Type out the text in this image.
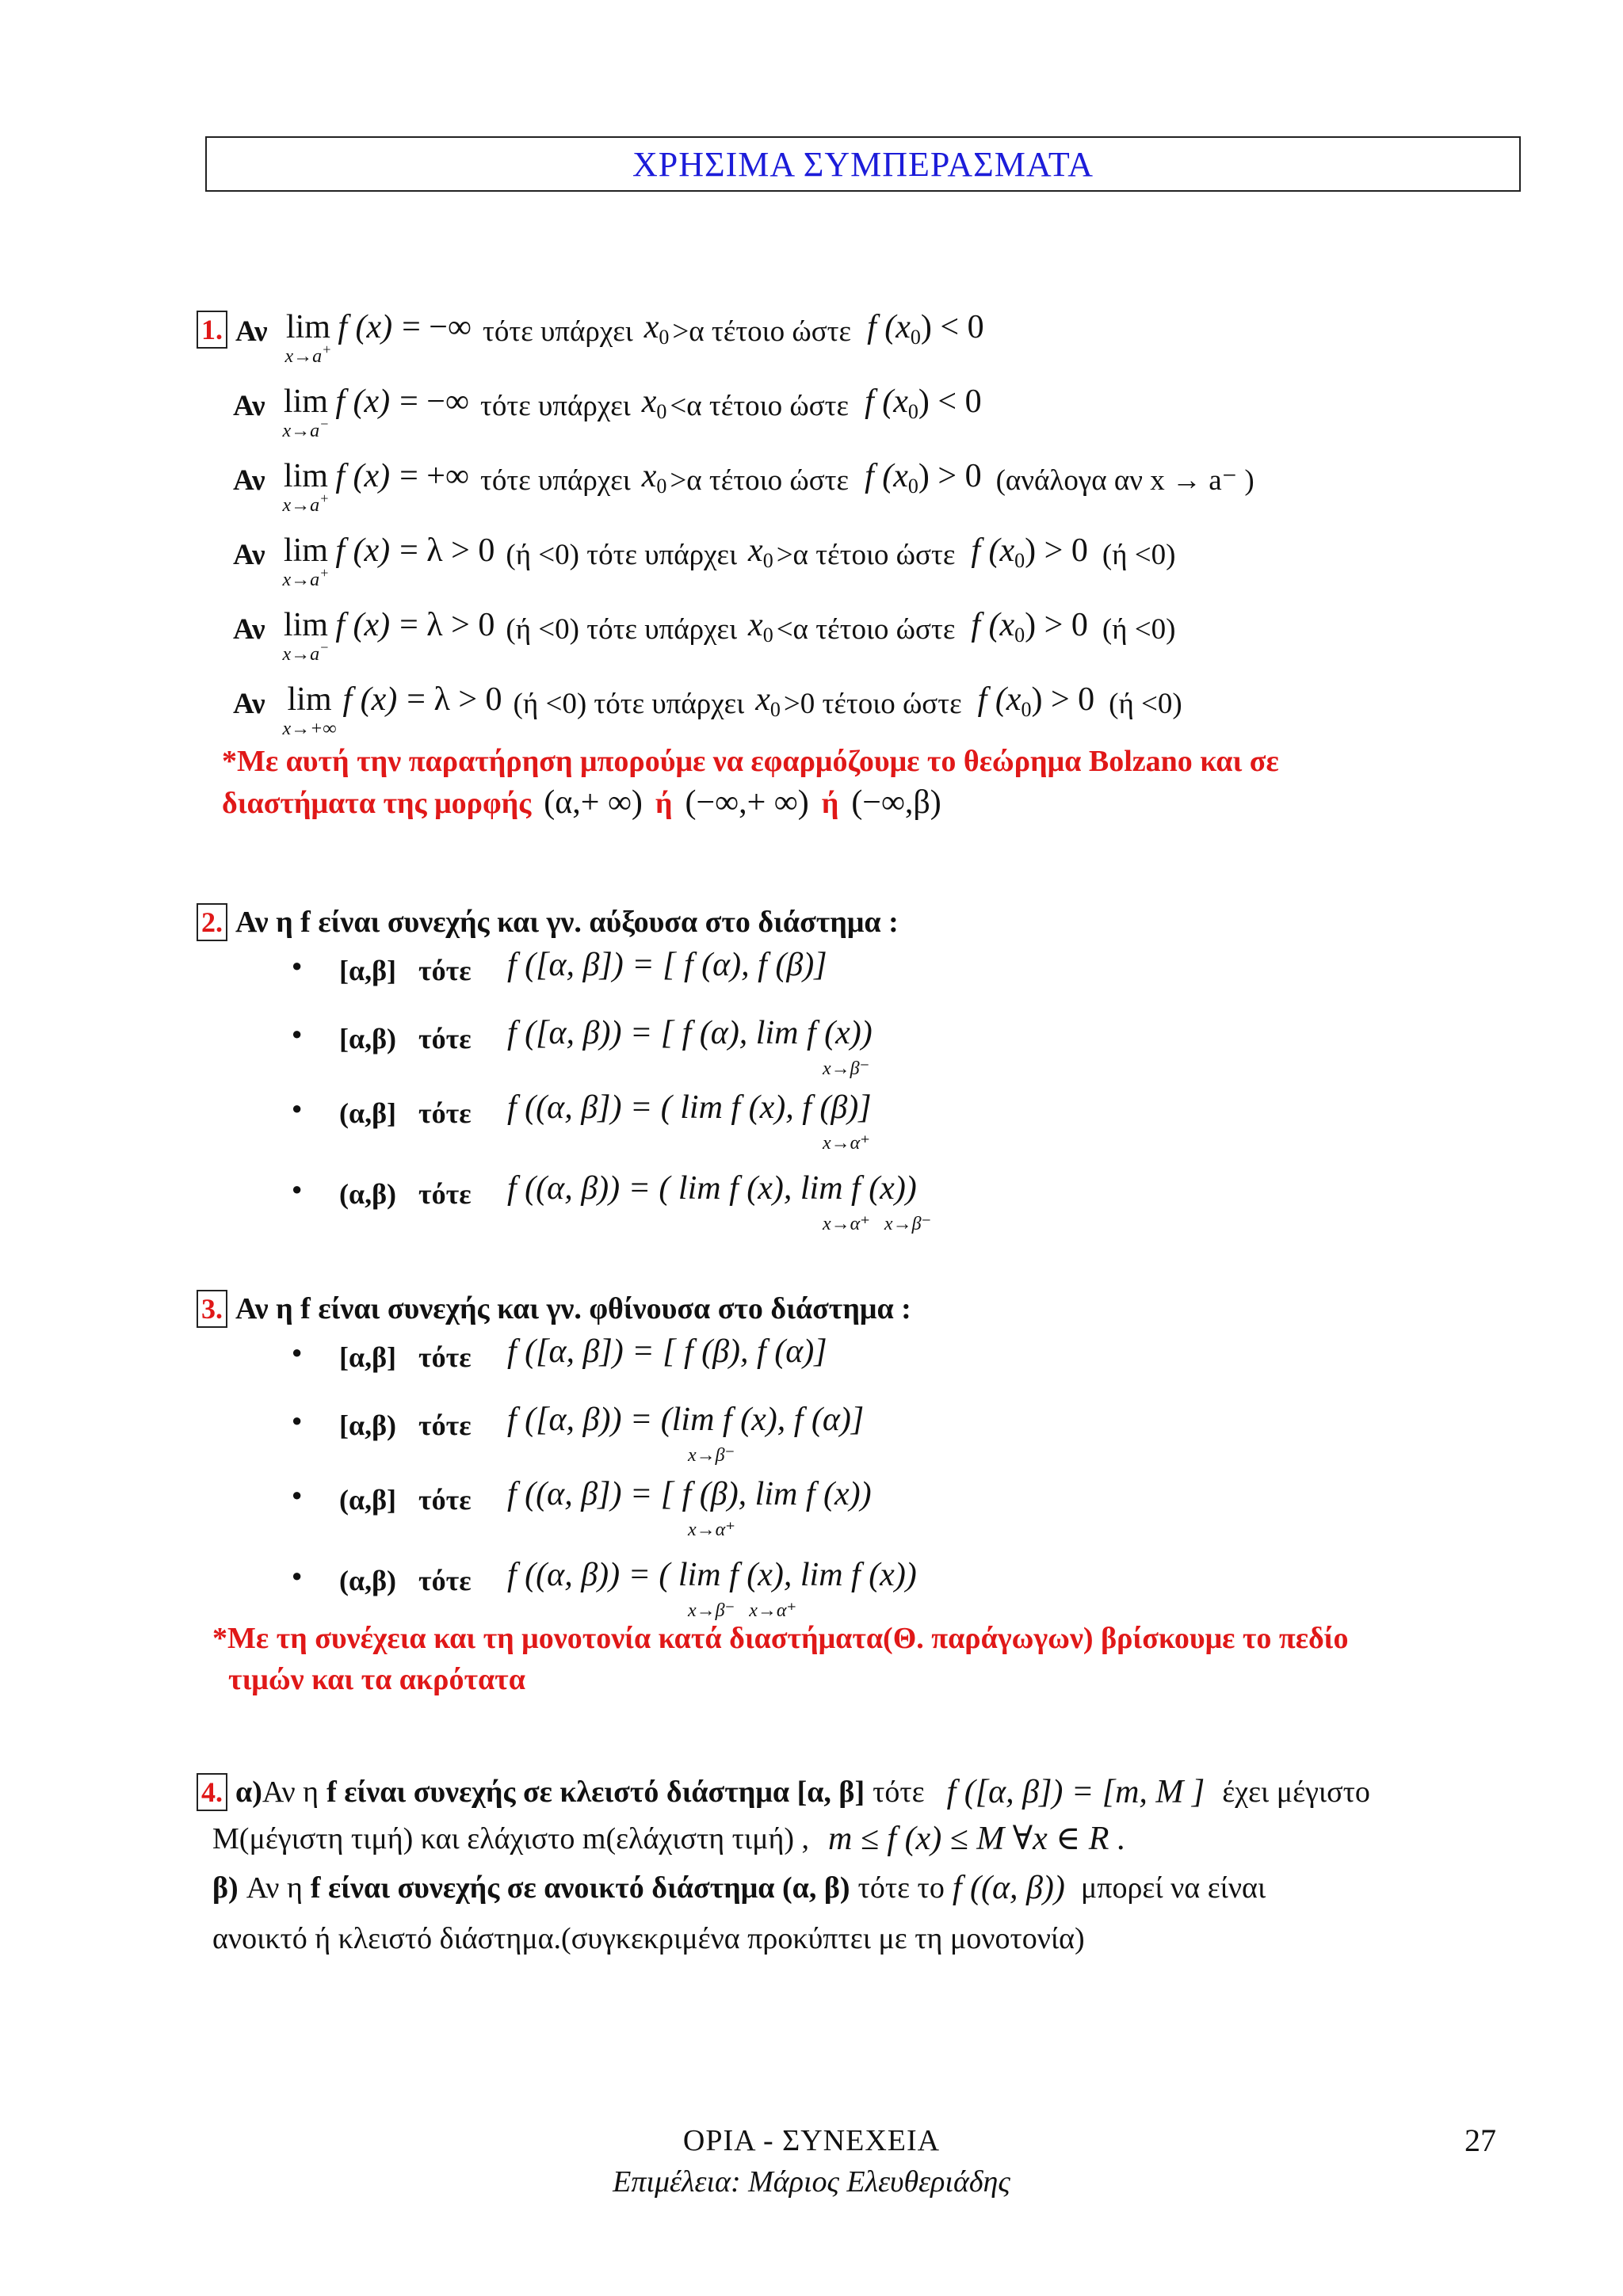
ΧΡΗΣΙΜΑ ΣΥΜΠΕΡΑΣΜΑΤΑ
1. Αν lim
x→a+
f (x) = −∞ τότε υπάρχει x0 >α τέτοιο ώστε f (x0 ) < 0
Αν lim
x→a−
f (x) = −∞ τότε υπάρχει x0 <α τέτοιο ώστε f (x0 ) < 0
Αν lim
x→a+
f (x) = +∞ τότε υπάρχει x0 >α τέτοιο ώστε f (x0 ) > 0 (ανάλογα αν x → a⁻ )
Αν lim
x→a+
f (x) = λ > 0 (ή <0) τότε υπάρχει x0 >α τέτοιο ώστε f (x0 ) > 0 (ή <0)
Αν lim
x→a−
f (x) = λ > 0 (ή <0) τότε υπάρχει x0 <α τέτοιο ώστε f (x0 ) > 0 (ή <0)
Αν lim
x→+∞
f (x) = λ > 0 (ή <0) τότε υπάρχει x0 >0 τέτοιο ώστε f (x0 ) > 0 (ή <0)
*Με αυτή την παρατήρηση μπορούμε να εφαρμόζουμε το θεώρημα Bolzano και σε
διαστήματα της μορφής (α,+ ∞) ή (−∞,+ ∞) ή (−∞,β)
2. Αν η f είναι συνεχής και γν. αύξουσα στο διάστημα :
●	[α,β] τότε	f ([α, β]) = [ f (α), f (β)]
●	[α,β) τότε	f ([α, β)) = [ f (α), lim f (x))
x→β⁻
●	(α,β] τότε	f ((α, β]) = ( lim f (x), f (β)]
x→α⁺
●	(α,β) τότε	f ((α, β)) = ( lim f (x), lim f (x))
x→α⁺   x→β⁻
3. Αν η f είναι συνεχής και γν. φθίνουσα στο διάστημα :
●	[α,β] τότε	f ([α, β]) = [ f (β), f (α)]
●	[α,β) τότε	f ([α, β)) = (lim f (x), f (α)]
x→β⁻
●	(α,β] τότε	f ((α, β]) = [ f (β), lim f (x))
x→α⁺
●	(α,β) τότε	f ((α, β)) = ( lim f (x), lim f (x))
x→β⁻   x→α⁺
*Με τη συνέχεια και τη μονοτονία κατά διαστήματα(Θ. παράγωγων) βρίσκουμε το πεδίο
τιμών και τα ακρότατα
4. α) Αν η f είναι συνεχής σε κλειστό διάστημα [α, β] τότε f ([α, β]) = [m, M ] έχει μέγιστο
Μ(μέγιστη τιμή) και ελάχιστο m(ελάχιστη τιμή) , m ≤ f (x) ≤ M ∀x ∈ R .
β) Αν η f είναι συνεχής σε ανοικτό διάστημα (α, β) τότε το f ((α, β)) μπορεί να είναι
ανοικτό ή κλειστό διάστημα.(συγκεκριμένα προκύπτει με τη μονοτονία)
ΟΡΙΑ - ΣΥΝΕΧΕΙΑ
Επιμέλεια: Μάριος Ελευθεριάδης
27
